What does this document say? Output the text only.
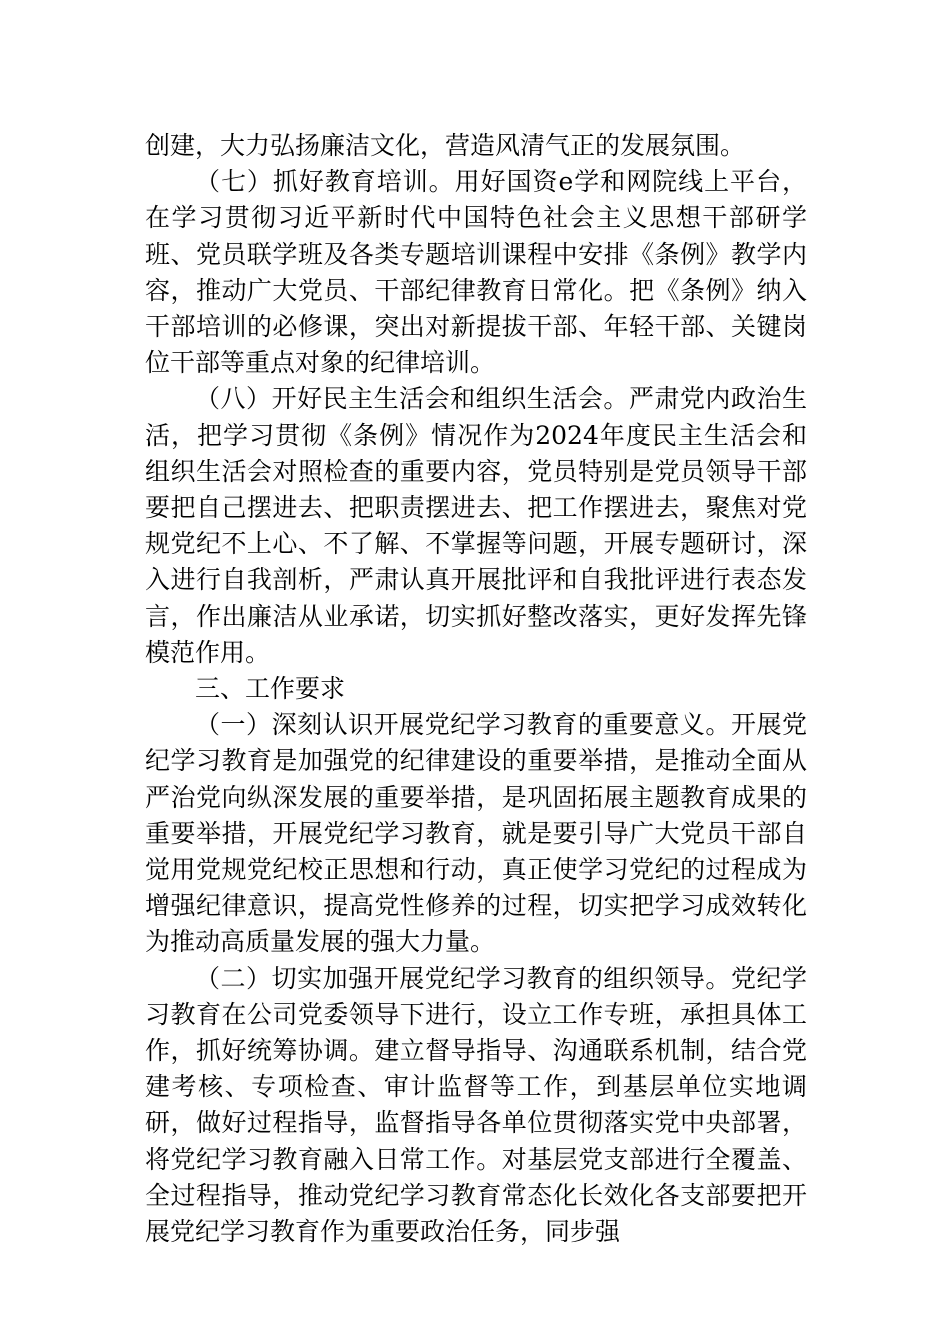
创建，大力弘扬廉洁文化，营造风清气正的发展氛围。

（七）抓好教育培训。用好国资e学和网院线上平台，在学习贯彻习近平新时代中国特色社会主义思想干部研学班、党员联学班及各类专题培训课程中安排《条例》教学内容，推动广大党员、干部纪律教育日常化。把《条例》纳入干部培训的必修课，突出对新提拔干部、年轻干部、关键岗位干部等重点对象的纪律培训。

（八）开好民主生活会和组织生活会。严肃党内政治生活，把学习贯彻《条例》情况作为2024年度民主生活会和组织生活会对照检查的重要内容，党员特别是党员领导干部要把自己摆进去、把职责摆进去、把工作摆进去，聚焦对党规党纪不上心、不了解、不掌握等问题，开展专题研讨，深入进行自我剖析，严肃认真开展批评和自我批评进行表态发言，作出廉洁从业承诺，切实抓好整改落实，更好发挥先锋模范作用。

三、工作要求

（一）深刻认识开展党纪学习教育的重要意义。开展党纪学习教育是加强党的纪律建设的重要举措，是推动全面从严治党向纵深发展的重要举措，是巩固拓展主题教育成果的重要举措，开展党纪学习教育，就是要引导广大党员干部自觉用党规党纪校正思想和行动，真正使学习党纪的过程成为增强纪律意识，提高党性修养的过程，切实把学习成效转化为推动高质量发展的强大力量。

（二）切实加强开展党纪学习教育的组织领导。党纪学习教育在公司党委领导下进行，设立工作专班，承担具体工作，抓好统筹协调。建立督导指导、沟通联系机制，结合党建考核、专项检查、审计监督等工作，到基层单位实地调研，做好过程指导，监督指导各单位贯彻落实党中央部署，将党纪学习教育融入日常工作。对基层党支部进行全覆盖、全过程指导，推动党纪学习教育常态化长效化各支部要把开展党纪学习教育作为重要政治任务，同步强
